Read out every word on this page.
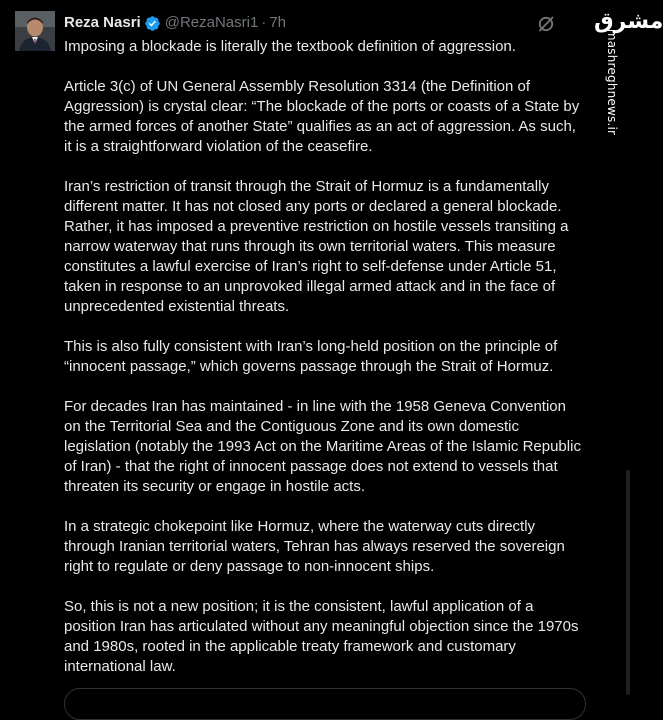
Reza Nasri @RezaNasri1 · 7h

Imposing a blockade is literally the textbook definition of aggression.

Article 3(c) of UN General Assembly Resolution 3314 (the Definition of Aggression) is crystal clear: “The blockade of the ports or coasts of a State by the armed forces of another State” qualifies as an act of aggression. As such, it is a straightforward violation of the ceasefire.

Iran’s restriction of transit through the Strait of Hormuz is a fundamentally different matter. It has not closed any ports or declared a general blockade. Rather, it has imposed a preventive restriction on hostile vessels transiting a narrow waterway that runs through its own territorial waters. This measure constitutes a lawful exercise of Iran’s right to self-defense under Article 51, taken in response to an unprovoked illegal armed attack and in the face of unprecedented existential threats.

This is also fully consistent with Iran’s long-held position on the principle of “innocent passage,” which governs passage through the Strait of Hormuz.

For decades Iran has maintained - in line with the 1958 Geneva Convention on the Territorial Sea and the Contiguous Zone and its own domestic legislation (notably the 1993 Act on the Maritime Areas of the Islamic Republic of Iran) - that the right of innocent passage does not extend to vessels that threaten its security or engage in hostile acts.

In a strategic chokepoint like Hormuz, where the waterway cuts directly through Iranian territorial waters, Tehran has always reserved the sovereign right to regulate or deny passage to non-innocent ships.

So, this is not a new position; it is the consistent, lawful application of a position Iran has articulated without any meaningful objection since the 1970s and 1980s, rooted in the applicable treaty framework and customary international law.

مشرق
mashreghnews.ir
